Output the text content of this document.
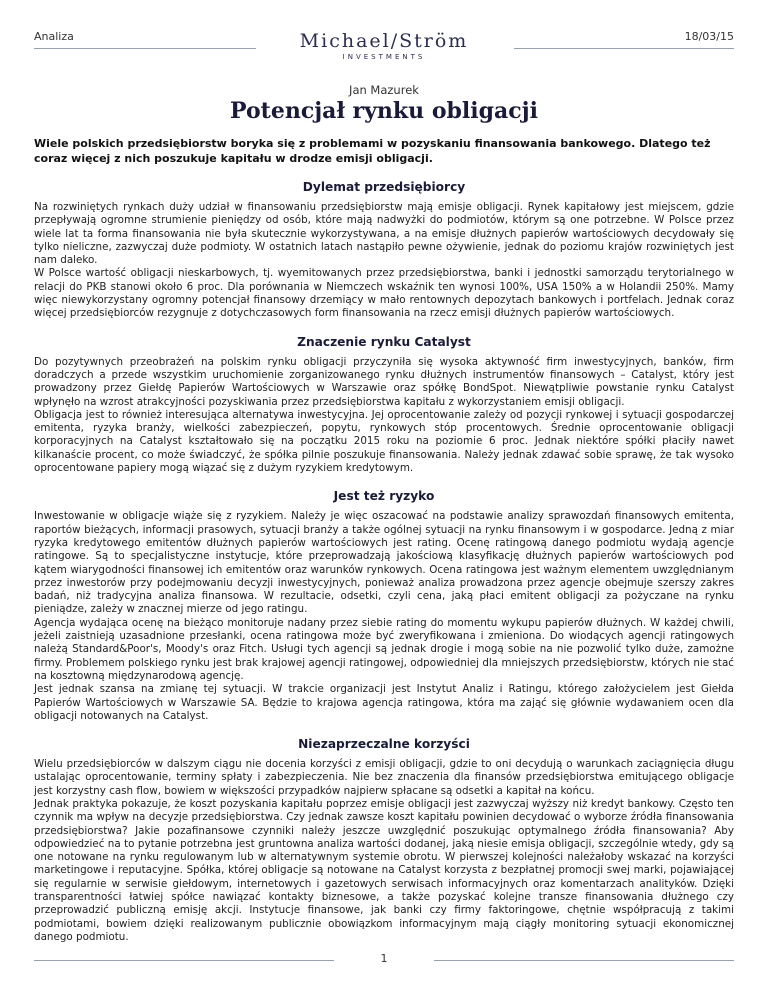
Analiza	Michael/Ström
INVESTMENTS
18/03/15
Jan Mazurek
Potencjał rynku obligacji

Wiele polskich przedsiębiorstw boryka się z problemami w pozyskaniu finansowania bankowego. Dlatego też coraz więcej z nich poszukuje kapitału w drodze emisji obligacji.

Dylemat przedsiębiorcy

Na rozwiniętych rynkach duży udział w finansowaniu przedsiębiorstw mają emisje obligacji. Rynek kapitałowy jest miejscem, gdzie przepływają ogromne strumienie pieniędzy od osób, które mają nadwyżki do podmiotów, którym są one potrzebne. W Polsce przez wiele lat ta forma finansowania nie była skutecznie wykorzystywana, a na emisje dłużnych papierów wartościowych decydowały się tylko nieliczne, zazwyczaj duże podmioty. W ostatnich latach nastąpiło pewne ożywienie, jednak do poziomu krajów rozwiniętych jest nam daleko.

W Polsce wartość obligacji nieskarbowych, tj. wyemitowanych przez przedsiębiorstwa, banki i jednostki samorządu terytorialnego w relacji do PKB stanowi około 6 proc. Dla porównania w Niemczech wskaźnik ten wynosi 100%, USA 150% a w Holandii 250%. Mamy więc niewykorzystany ogromny potencjał finansowy drzemiący w mało rentownych depozytach bankowych i portfelach. Jednak coraz więcej przedsiębiorców rezygnuje z dotychczasowych form finansowania na rzecz emisji dłużnych papierów wartościowych.

Znaczenie rynku Catalyst

Do pozytywnych przeobrażeń na polskim rynku obligacji przyczyniła się wysoka aktywność firm inwestycyjnych, banków, firm doradczych a przede wszystkim uruchomienie zorganizowanego rynku dłużnych instrumentów finansowych – Catalyst, który jest prowadzony przez Giełdę Papierów Wartościowych w Warszawie oraz spółkę BondSpot. Niewątpliwie powstanie rynku Catalyst wpłynęło na wzrost atrakcyjności pozyskiwania przez przedsiębiorstwa kapitału z wykorzystaniem emisji obligacji.

Obligacja jest to również interesująca alternatywa inwestycyjna. Jej oprocentowanie zależy od pozycji rynkowej i sytuacji gospodarczej emitenta, ryzyka branży, wielkości zabezpieczeń, popytu, rynkowych stóp procentowych. Średnie oprocentowanie obligacji korporacyjnych na Catalyst kształtowało się na początku 2015 roku na poziomie 6 proc. Jednak niektóre spółki płaciły nawet kilkanaście procent, co może świadczyć, że spółka pilnie poszukuje finansowania. Należy jednak zdawać sobie sprawę, że tak wysoko oprocentowane papiery mogą wiązać się z dużym ryzykiem kredytowym.

Jest też ryzyko

Inwestowanie w obligacje wiąże się z ryzykiem. Należy je więc oszacować na podstawie analizy sprawozdań finansowych emitenta, raportów bieżących, informacji prasowych, sytuacji branży a także ogólnej sytuacji na rynku finansowym i w gospodarce. Jedną z miar ryzyka kredytowego emitentów dłużnych papierów wartościowych jest rating. Ocenę ratingową danego podmiotu wydają agencje ratingowe. Są to specjalistyczne instytucje, które przeprowadzają jakościową klasyfikację dłużnych papierów wartościowych pod kątem wiarygodności finansowej ich emitentów oraz warunków rynkowych. Ocena ratingowa jest ważnym elementem uwzględnianym przez inwestorów przy podejmowaniu decyzji inwestycyjnych, ponieważ analiza prowadzona przez agencje obejmuje szerszy zakres badań, niż tradycyjna analiza finansowa. W rezultacie, odsetki, czyli cena, jaką płaci emitent obligacji za pożyczane na rynku pieniądze, zależy w znacznej mierze od jego ratingu.

Agencja wydająca ocenę na bieżąco monitoruje nadany przez siebie rating do momentu wykupu papierów dłużnych. W każdej chwili, jeżeli zaistnieją uzasadnione przesłanki, ocena ratingowa może być zweryfikowana i zmieniona. Do wiodących agencji ratingowych należą Standard&Poor's, Moody's oraz Fitch. Usługi tych agencji są jednak drogie i mogą sobie na nie pozwolić tylko duże, zamożne firmy. Problemem polskiego rynku jest brak krajowej agencji ratingowej, odpowiedniej dla mniejszych przedsiębiorstw, których nie stać na kosztowną międzynarodową agencję.

Jest jednak szansa na zmianę tej sytuacji. W trakcie organizacji jest Instytut Analiz i Ratingu, którego założycielem jest Giełda Papierów Wartościowych w Warszawie SA. Będzie to krajowa agencja ratingowa, która ma zająć się głównie wydawaniem ocen dla obligacji notowanych na Catalyst.

Niezaprzeczalne korzyści

Wielu przedsiębiorców w dalszym ciągu nie docenia korzyści z emisji obligacji, gdzie to oni decydują o warunkach zaciągnięcia długu ustalając oprocentowanie, terminy spłaty i zabezpieczenia. Nie bez znaczenia dla finansów przedsiębiorstwa emitującego obligacje jest korzystny cash flow, bowiem w większości przypadków najpierw spłacane są odsetki a kapitał na końcu.

Jednak praktyka pokazuje, że koszt pozyskania kapitału poprzez emisje obligacji jest zazwyczaj wyższy niż kredyt bankowy. Często ten czynnik ma wpływ na decyzje przedsiębiorstwa. Czy jednak zawsze koszt kapitału powinien decydować o wyborze źródła finansowania przedsiębiorstwa? Jakie pozafinansowe czynniki należy jeszcze uwzględnić poszukując optymalnego źródła finansowania? Aby odpowiedzieć na to pytanie potrzebna jest gruntowna analiza wartości dodanej, jaką niesie emisja obligacji, szczególnie wtedy, gdy są one notowane na rynku regulowanym lub w alternatywnym systemie obrotu. W pierwszej kolejności należałoby wskazać na korzyści marketingowe i reputacyjne. Spółka, której obligacje są notowane na Catalyst korzysta z bezpłatnej promocji swej marki, pojawiającej się regularnie w serwisie giełdowym, internetowych i gazetowych serwisach informacyjnych oraz komentarzach analityków. Dzięki transparentności łatwiej spółce nawiązać kontakty biznesowe, a także pozyskać kolejne transze finansowania dłużnego czy przeprowadzić publiczną emisję akcji. Instytucje finansowe, jak banki czy firmy faktoringowe, chętnie współpracują z takimi podmiotami, bowiem dzięki realizowanym publicznie obowiązkom informacyjnym mają ciągły monitoring sytuacji ekonomicznej danego podmiotu.

1
